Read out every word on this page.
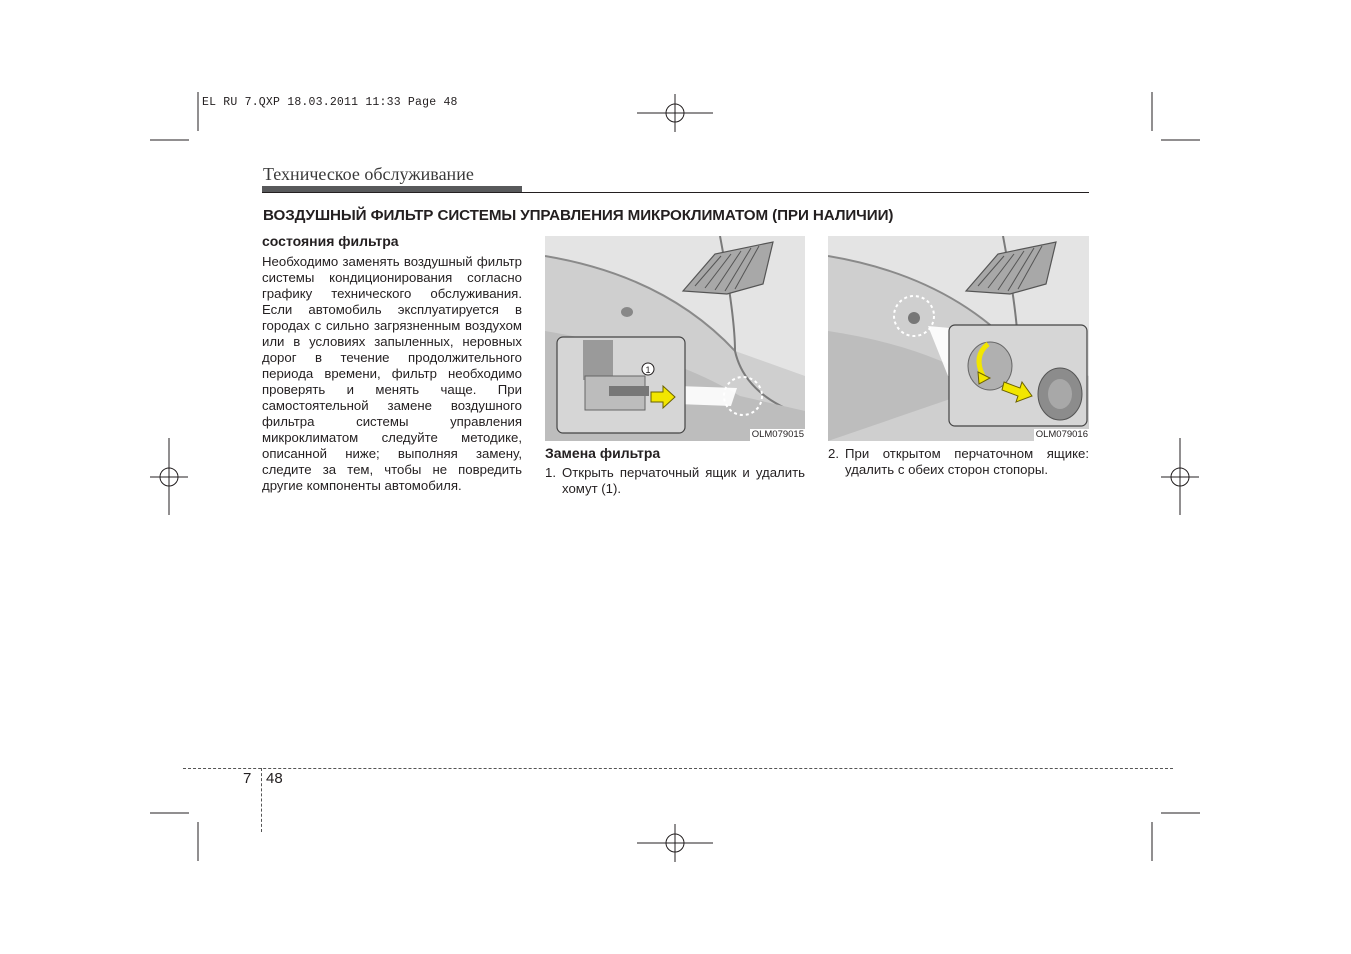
EL RU 7.QXP 18.03.2011 11:33 Page 48
Техническое обслуживание
ВОЗДУШНЫЙ ФИЛЬТР СИСТЕМЫ УПРАВЛЕНИЯ МИКРОКЛИМАТОМ (ПРИ НАЛИЧИИ)
состояния фильтра
Необходимо заменять воздушный фильтр системы кондиционирования согласно графику технического обслуживания. Если автомобиль эксплуатируется в городах с сильно загрязненным воздухом или в условиях запыленных, неровных дорог в течение продолжительного периода времени, фильтр необходимо проверять и менять чаще. При самостоятельной замене воздушного фильтра системы управления микроклиматом следуйте методике, описанной ниже; выполняя замену, следите за тем, чтобы не повредить другие компоненты автомобиля.
1
OLM079015
Замена фильтра
1. Открыть перчаточный ящик и удалить хомут (1).
OLM079016
2. При открытом перчаточном ящике: удалить с обеих сторон стопоры.
7 48
